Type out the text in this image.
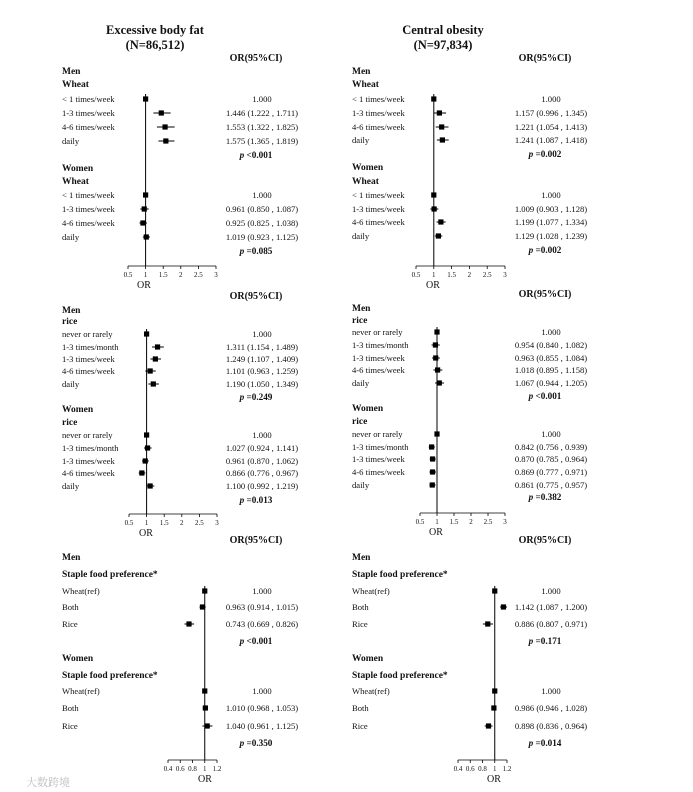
Excessive body fat
(N=86,512)
Central obesity
(N=97,834)
OR(95%CI)
Men
Wheat
< 1 times/week	1.000
1-3 times/week	1.446 (1.222 , 1.711)
4-6 times/week	1.553 (1.322 , 1.825)
daily	1.575 (1.365 , 1.819)
p <0.001
Women
Wheat
< 1 times/week	1.000
1-3 times/week	0.961 (0.850 , 1.087)
4-6 times/week	0.925 (0.825 , 1.038)
daily	1.019 (0.923 , 1.125)
p =0.085
0.5 1 1.5 2 2.5 3
OR
OR(95%CI)
Men
Wheat
< 1 times/week	1.000
1-3 times/week	1.157 (0.996 , 1.345)
4-6 times/week	1.221 (1.054 , 1.413)
daily	1.241 (1.087 , 1.418)
p =0.002
Women
Wheat
< 1 times/week	1.000
1-3 times/week	1.009 (0.903 , 1.128)
4-6 times/week	1.199 (1.077 , 1.334)
daily	1.129 (1.028 , 1.239)
p =0.002
0.5 1 1.5 2 2.5 3
OR
OR(95%CI)
Men
rice
never or rarely	1.000
1-3 times/month	1.311 (1.154 , 1.489)
1-3 times/week	1.249 (1.107 , 1.409)
4-6 times/week	1.101 (0.963 , 1.259)
daily	1.190 (1.050 , 1.349)
p =0.249
Women
rice
never or rarely	1.000
1-3 times/month	1.027 (0.924 , 1.141)
1-3 times/week	0.961 (0.870 , 1.062)
4-6 times/week	0.866 (0.776 , 0.967)
daily	1.100 (0.992 , 1.219)
p =0.013
0.5 1 1.5 2 2.5 3
OR
OR(95%CI)
Men
rice
never or rarely	1.000
1-3 times/month	0.954 (0.840 , 1.082)
1-3 times/week	0.963 (0.855 , 1.084)
4-6 times/week	1.018 (0.895 , 1.158)
daily	1.067 (0.944 , 1.205)
p <0.001
Women
rice
never or rarely	1.000
1-3 times/month	0.842 (0.756 , 0.939)
1-3 times/week	0.870 (0.785 , 0.964)
4-6 times/week	0.869 (0.777 , 0.971)
daily	0.861 (0.775 , 0.957)
p =0.382
0.5 1 1.5 2 2.5 3
OR
OR(95%CI)
Men
Staple food preference*
Wheat(ref)	1.000
Both	0.963 (0.914 , 1.015)
Rice	0.743 (0.669 , 0.826)
p <0.001
Women
Staple food preference*
Wheat(ref)	1.000
Both	1.010 (0.968 , 1.053)
Rice	1.040 (0.961 , 1.125)
p =0.350
0.4 0.6 0.8 1 1.2
OR
OR(95%CI)
Men
Staple food preference*
Wheat(ref)	1.000
Both	1.142 (1.087 , 1.200)
Rice	0.886 (0.807 , 0.971)
p =0.171
Women
Staple food preference*
Wheat(ref)	1.000
Both	0.986 (0.946 , 1.028)
Rice	0.898 (0.836 , 0.964)
p =0.014
0.4 0.6 0.8 1 1.2
OR
大数跨境
